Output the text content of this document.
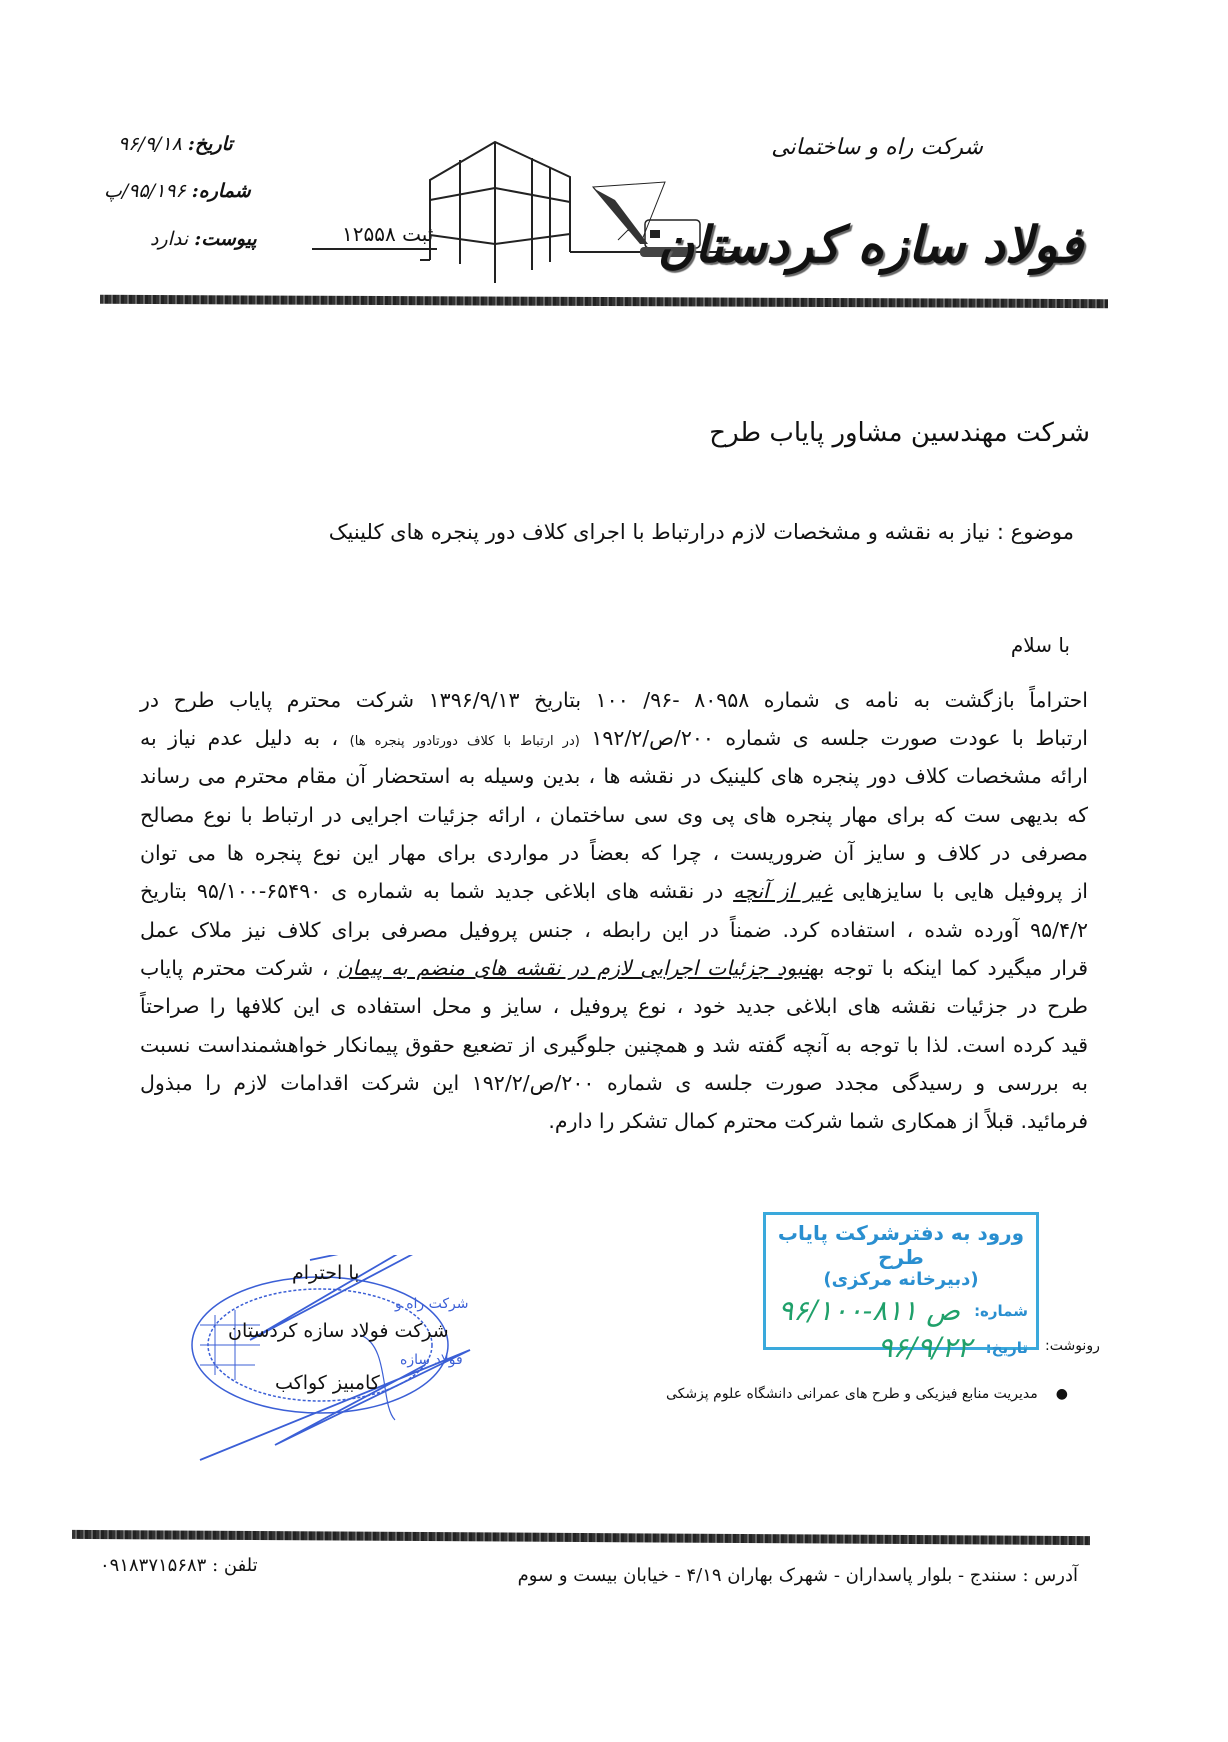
تاریخ: ۹۶/۹/۱۸
شماره: ۹۵/۱۹۶/پ
پیوست: ندارد	ثبت ۱۲۵۵۸
شرکت راه و ساختمانی
فولاد سازه کردستان
شرکت مهندسین مشاور پایاب طرح
موضوع : نیاز به نقشه و مشخصات لازم درارتباط با اجرای کلاف دور پنجره های کلینیک
با سلام
احتراماً بازگشت به نامه ی شماره ۸۰۹۵۸ -۹۶/ ۱۰۰ بتاریخ ۱۳۹۶/۹/۱۳ شرکت محترم پایاب طرح در
ارتباط با عودت صورت جلسه ی شماره ۲۰۰/ص/۱۹۲/۲ (در ارتباط با کلاف دورتادور پنجره ها) ، به دلیل عدم نیاز به
ارائه مشخصات کلاف دور پنجره های کلینیک در نقشه ها ، بدین وسیله به استحضار آن مقام محترم می رساند
که بدیهی ست که برای مهار پنجره های پی وی سی ساختمان ، ارائه جزئیات اجرایی در ارتباط با نوع مصالح
مصرفی در کلاف و سایز آن ضروریست ، چرا که بعضاً در مواردی برای مهار این نوع پنجره ها می توان
از پروفیل هایی با سایزهایی غیر از آنچه در نقشه های ابلاغی جدید شما به شماره ی ۶۵۴۹۰-۹۵/۱۰۰ بتاریخ
۹۵/۴/۲ آورده شده ، استفاده کرد. ضمناً در این رابطه ، جنس پروفیل مصرفی برای کلاف نیز ملاک عمل
قرار میگیرد کما اینکه با توجه بهنبود جزئیات اجرایی لازم در نقشه های منضم به پیمان ، شرکت محترم پایاب
طرح در جزئیات نقشه های ابلاغی جدید خود ، نوع پروفیل ، سایز و محل استفاده ی این کلافها را صراحتاً
قید کرده است. لذا با توجه به آنچه گفته شد و همچنین جلوگیری از تضعیع حقوق پیمانکار خواهشمنداست نسبت
به بررسی و رسیدگی مجدد صورت جلسه ی شماره ۲۰۰/ص/۱۹۲/۲ این شرکت اقدامات لازم را مبذول
فرمائید. قبلاً از همکاری شما شرکت محترم کمال تشکر را دارم.
ورود به دفترشرکت پایاب طرح
(دبیرخانه مرکزی)
شماره:
ص ۸۱۱-۹۶/۱۰۰
تاریخ:
۹۶/۹/۲۲	رونوشت:
●مدیریت منابع فیزیکی و طرح های عمرانی دانشگاه علوم پزشکی
شرکت راه و
فولاد سازه
با احترام
شرکت فولاد سازه کردستان
کامبیز کواکب
آدرس : سنندج - بلوار پاسداران - شهرک بهاران ۴/۱۹ - خیابان بیست و سوم
تلفن : ۰۹۱۸۳۷۱۵۶۸۳
